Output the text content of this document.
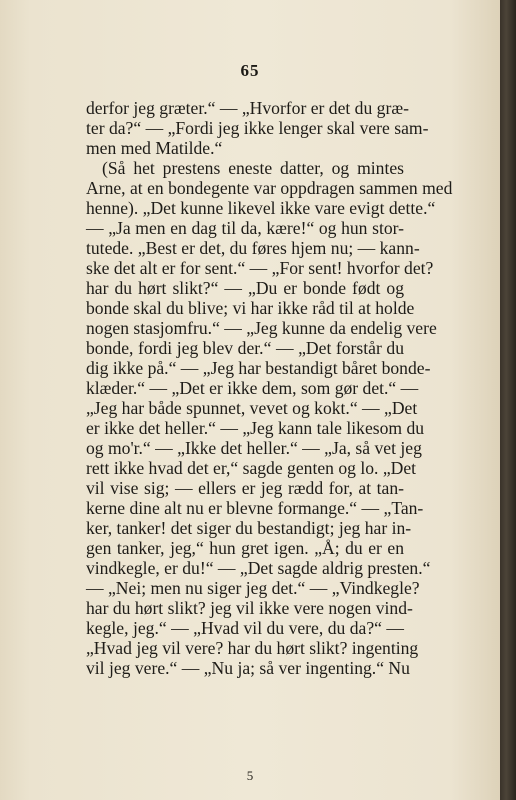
65
derfor jeg græter.“ — „Hvorfor er det du græ-
ter da?“ — „Fordi jeg ikke lenger skal vere sam-
men med Matilde.“
(Så het prestens eneste datter, og mintes
Arne, at en bondegente var oppdragen sammen med
henne). „Det kunne likevel ikke vare evigt dette.“
— „Ja men en dag til da, kære!“ og hun stor-
tutede. „Best er det, du føres hjem nu; — kann-
ske det alt er for sent.“ — „For sent! hvorfor det?
har du hørt slikt?“ — „Du er bonde født og
bonde skal du blive; vi har ikke råd til at holde
nogen stasjomfru.“ — „Jeg kunne da endelig vere
bonde, fordi jeg blev der.“ — „Det forstår du
dig ikke på.“ — „Jeg har bestandigt båret bonde-
klæder.“ — „Det er ikke dem, som gør det.“ —
„Jeg har både spunnet, vevet og kokt.“ — „Det
er ikke det heller.“ — „Jeg kann tale likesom du
og mo'r.“ — „Ikke det heller.“ — „Ja, så vet jeg
rett ikke hvad det er,“ sagde genten og lo. „Det
vil vise sig; — ellers er jeg rædd for, at tan-
kerne dine alt nu er blevne formange.“ — „Tan-
ker, tanker! det siger du bestandigt; jeg har in-
gen tanker, jeg,“ hun gret igen. „Å; du er en
vindkegle, er du!“ — „Det sagde aldrig presten.“
— „Nei; men nu siger jeg det.“ — „Vindkegle?
har du hørt slikt? jeg vil ikke vere nogen vind-
kegle, jeg.“ — „Hvad vil du vere, du da?“ —
„Hvad jeg vil vere? har du hørt slikt? ingenting
vil jeg vere.“ — „Nu ja; så ver ingenting.“ Nu
5
